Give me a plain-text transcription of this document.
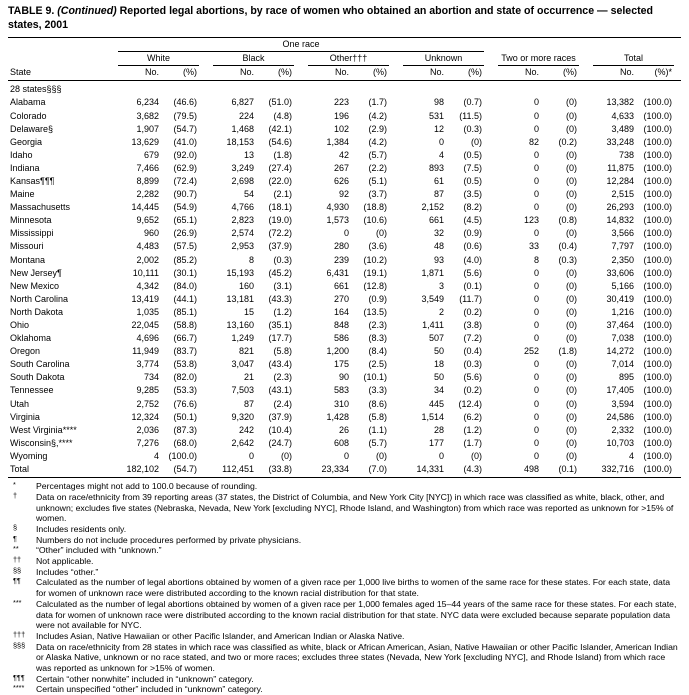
TABLE 9. (Continued) Reported legal abortions, by race of women who obtained an abortion and state of occurrence — selected states, 2001

	One race								Two or more races		Total	

	White		Black		Other†††		Unknown					

State	No.	(%)	No.	(%)	No.	(%)	No.	(%)	No.	(%)	No.	(%)*
28 states§§§												
Alabama	6,234	(46.6)	6,827	(51.0)	223	(1.7)	98	(0.7)	0	(0)	13,382	(100.0)
Colorado	3,682	(79.5)	224	(4.8)	196	(4.2)	531	(11.5)	0	(0)	4,633	(100.0)
Delaware§	1,907	(54.7)	1,468	(42.1)	102	(2.9)	12	(0.3)	0	(0)	3,489	(100.0)
Georgia	13,629	(41.0)	18,153	(54.6)	1,384	(4.2)	0	(0)	82	(0.2)	33,248	(100.0)
Idaho	679	(92.0)	13	(1.8)	42	(5.7)	4	(0.5)	0	(0)	738	(100.0)
Indiana	7,466	(62.9)	3,249	(27.4)	267	(2.2)	893	(7.5)	0	(0)	11,875	(100.0)
Kansas¶¶¶	8,899	(72.4)	2,698	(22.0)	626	(5.1)	61	(0.5)	0	(0)	12,284	(100.0)
Maine	2,282	(90.7)	54	(2.1)	92	(3.7)	87	(3.5)	0	(0)	2,515	(100.0)
Massachusetts	14,445	(54.9)	4,766	(18.1)	4,930	(18.8)	2,152	(8.2)	0	(0)	26,293	(100.0)
Minnesota	9,652	(65.1)	2,823	(19.0)	1,573	(10.6)	661	(4.5)	123	(0.8)	14,832	(100.0)
Mississippi	960	(26.9)	2,574	(72.2)	0	(0)	32	(0.9)	0	(0)	3,566	(100.0)
Missouri	4,483	(57.5)	2,953	(37.9)	280	(3.6)	48	(0.6)	33	(0.4)	7,797	(100.0)
Montana	2,002	(85.2)	8	(0.3)	239	(10.2)	93	(4.0)	8	(0.3)	2,350	(100.0)
New Jersey¶	10,111	(30.1)	15,193	(45.2)	6,431	(19.1)	1,871	(5.6)	0	(0)	33,606	(100.0)
New Mexico	4,342	(84.0)	160	(3.1)	661	(12.8)	3	(0.1)	0	(0)	5,166	(100.0)
North Carolina	13,419	(44.1)	13,181	(43.3)	270	(0.9)	3,549	(11.7)	0	(0)	30,419	(100.0)
North Dakota	1,035	(85.1)	15	(1.2)	164	(13.5)	2	(0.2)	0	(0)	1,216	(100.0)
Ohio	22,045	(58.8)	13,160	(35.1)	848	(2.3)	1,411	(3.8)	0	(0)	37,464	(100.0)
Oklahoma	4,696	(66.7)	1,249	(17.7)	586	(8.3)	507	(7.2)	0	(0)	7,038	(100.0)
Oregon	11,949	(83.7)	821	(5.8)	1,200	(8.4)	50	(0.4)	252	(1.8)	14,272	(100.0)
South Carolina	3,774	(53.8)	3,047	(43.4)	175	(2.5)	18	(0.3)	0	(0)	7,014	(100.0)
South Dakota	734	(82.0)	21	(2.3)	90	(10.1)	50	(5.6)	0	(0)	895	(100.0)
Tennessee	9,285	(53.3)	7,503	(43.1)	583	(3.3)	34	(0.2)	0	(0)	17,405	(100.0)
Utah	2,752	(76.6)	87	(2.4)	310	(8.6)	445	(12.4)	0	(0)	3,594	(100.0)
Virginia	12,324	(50.1)	9,320	(37.9)	1,428	(5.8)	1,514	(6.2)	0	(0)	24,586	(100.0)
West Virginia****	2,036	(87.3)	242	(10.4)	26	(1.1)	28	(1.2)	0	(0)	2,332	(100.0)
Wisconsin§,****	7,276	(68.0)	2,642	(24.7)	608	(5.7)	177	(1.7)	0	(0)	10,703	(100.0)
Wyoming	4	(100.0)	0	(0)	0	(0)	0	(0)	0	(0)	4	(100.0)
Total	182,102	(54.7)	112,451	(33.8)	23,334	(7.0)	14,331	(4.3)	498	(0.1)	332,716	(100.0)
*	Percentages might not add to 100.0 because of rounding.
†	Data on race/ethnicity from 39 reporting areas (37 states, the District of Columbia, and New York City [NYC]) in which race was classified as white, black, other, and unknown; excludes five states (Nebraska, Nevada, New York [excluding NYC], Rhode Island, and Washington) from which race was reported as unknown for >15% of women.
§	Includes residents only.
¶	Numbers do not include procedures performed by private physicians.
**	“Other” included with “unknown.”
††	Not applicable.
§§	Includes “other.”
¶¶	Calculated as the number of legal abortions obtained by women of a given race per 1,000 live births to women of the same race for these states. For each state, data for women of unknown race were distributed according to the known racial distribution for that state.
***	Calculated as the number of legal abortions obtained by women of a given race per 1,000 females aged 15–44 years of the same race for these states. For each state, data for women of unknown race were distributed according to the known racial distribution for that state. NYC data were excluded because separate population data were not available for NYC.
†††	Includes Asian, Native Hawaiian or other Pacific Islander, and American Indian or Alaska Native.
§§§	Data on race/ethnicity from 28 states in which race was classified as white, black or African American, Asian, Native Hawaiian or other Pacific Islander, American Indian or Alaska Native, unknown or no race stated, and two or more races; excludes three states (Nevada, New York [excluding NYC], and Rhode Island) from which race was reported as unknown for >15% of women.
¶¶¶	Certain “other nonwhite” included in “unknown” category.
****	Certain unspecified “other” included in “unknown” category.
